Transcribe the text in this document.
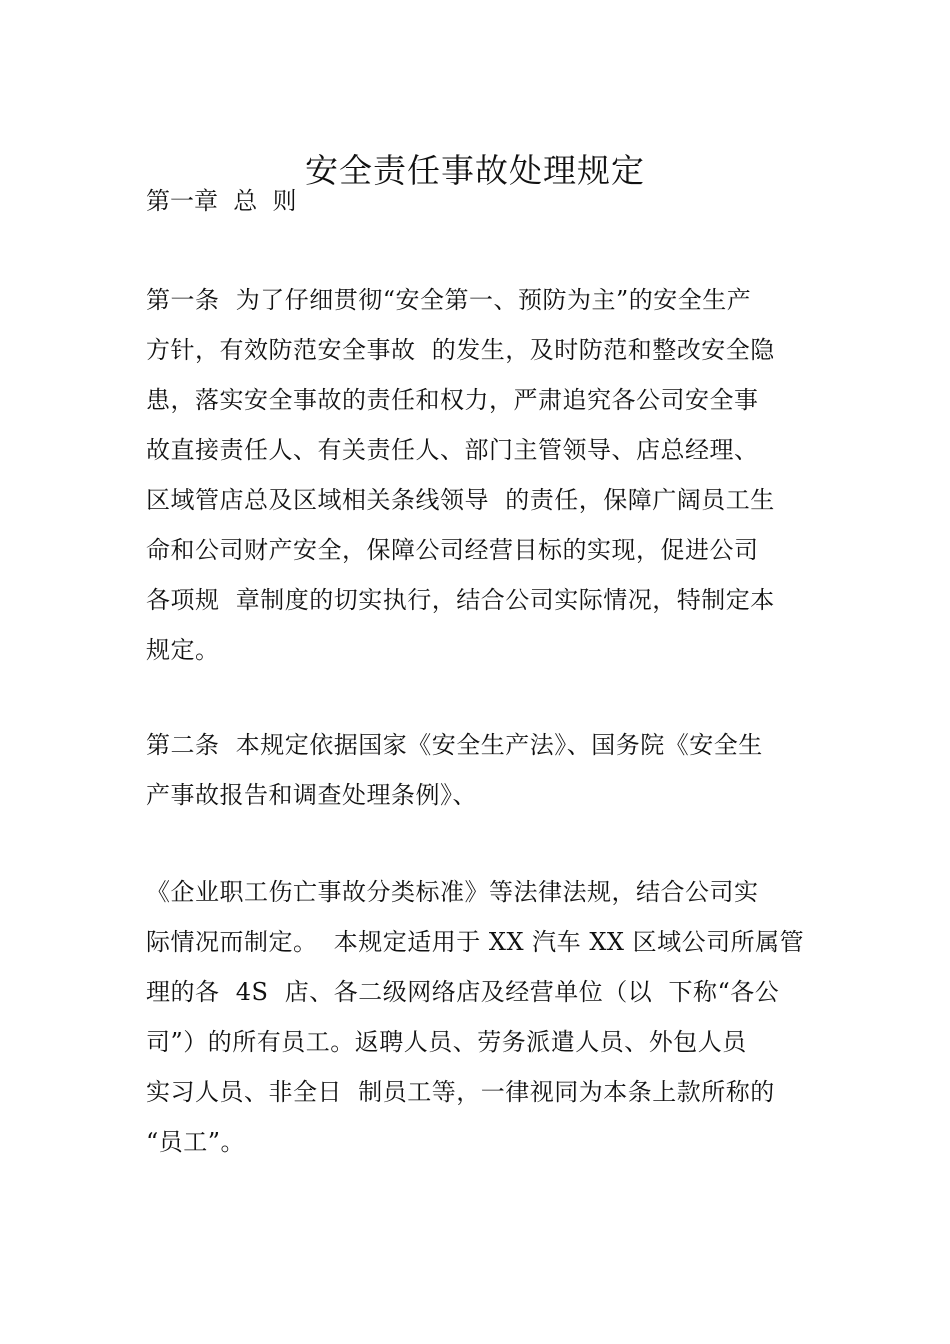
安全责任事故处理规定
第一章  总  则
第一条  为了仔细贯彻“安全第一、预防为主”的安全生产
方针，有效防范安全事故  的发生，及时防范和整改安全隐
患，落实安全事故的责任和权力，严肃追究各公司安全事
故直接责任人、有关责任人、部门主管领导、店总经理、
区域管店总及区域相关条线领导  的责任，保障广阔员工生
命和公司财产安全，保障公司经营目标的实现，促进公司
各项规  章制度的切实执行，结合公司实际情况，特制定本
规定。
第二条  本规定依据国家《安全生产法》、国务院《安全生
产事故报告和调查处理条例》、
《企业职工伤亡事故分类标准》等法律法规，结合公司实
际情况而制定。  本规定适用于 XX 汽车 XX 区域公司所属管
理的各  4S  店、各二级网络店及经营单位（以  下称“各公
司”）的所有员工。返聘人员、劳务派遣人员、外包人员
实习人员、非全日  制员工等，一律视同为本条上款所称的
“员工”。
